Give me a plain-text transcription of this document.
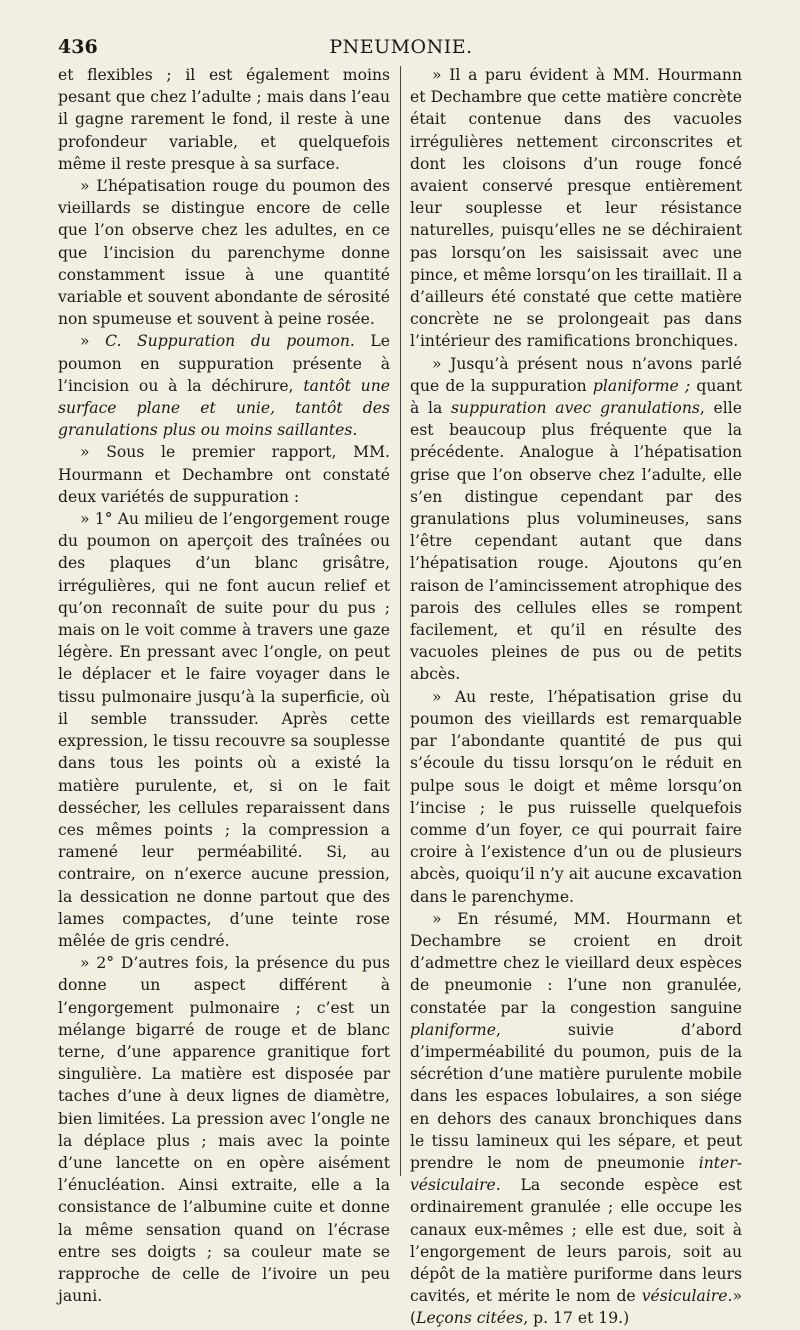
436	PNEUMONIE.

et flexibles ; il est également moins pesant que chez l’adulte ; mais dans l’eau il gagne rarement le fond, il reste à une profondeur variable, et quelquefois même il reste presque à sa surface.

» L’hépatisation rouge du poumon des vieillards se distingue encore de celle que l’on observe chez les adultes, en ce que l’incision du parenchyme donne constamment issue à une quantité variable et souvent abondante de sérosité non spumeuse et souvent à peine rosée.

» C. Suppuration du poumon. Le poumon en suppuration présente à l’incision ou à la déchirure, tantôt une surface plane et unie, tantôt des granulations plus ou moins saillantes.

» Sous le premier rapport, MM. Hourmann et Dechambre ont constaté deux variétés de suppuration :

» 1° Au milieu de l’engorgement rouge du poumon on aperçoit des traînées ou des plaques d’un blanc grisâtre, irrégulières, qui ne font aucun relief et qu’on reconnaît de suite pour du pus ; mais on le voit comme à travers une gaze légère. En pressant avec l’ongle, on peut le déplacer et le faire voyager dans le tissu pulmonaire jusqu’à la superficie, où il semble transsuder. Après cette expression, le tissu recouvre sa souplesse dans tous les points où a existé la matière purulente, et, si on le fait dessécher, les cellules reparaissent dans ces mêmes points ; la compression a ramené leur perméabilité. Si, au contraire, on n’exerce aucune pression, la dessication ne donne partout que des lames compactes, d’une teinte rose mêlée de gris cendré.

» 2° D’autres fois, la présence du pus donne un aspect différent à l’engorgement pulmonaire ; c’est un mélange bigarré de rouge et de blanc terne, d’une apparence granitique fort singulière. La matière est disposée par taches d’une à deux lignes de diamètre, bien limitées. La pression avec l’ongle ne la déplace plus ; mais avec la pointe d’une lancette on en opère aisément l’énucléation. Ainsi extraite, elle a la consistance de l’albumine cuite et donne la même sensation quand on l’écrase entre ses doigts ; sa couleur mate se rapproche de celle de l’ivoire un peu jauni.

» Il a paru évident à MM. Hourmann et Dechambre que cette matière concrète était contenue dans des vacuoles irrégulières nettement circonscrites et dont les cloisons d’un rouge foncé avaient conservé presque entièrement leur souplesse et leur résistance naturelles, puisqu’elles ne se déchiraient pas lorsqu’on les saisissait avec une pince, et même lorsqu’on les tiraillait. Il a d’ailleurs été constaté que cette matière concrète ne se prolongeait pas dans l’intérieur des ramifications bronchiques.

» Jusqu’à présent nous n’avons parlé que de la suppuration planiforme ; quant à la suppuration avec granulations, elle est beaucoup plus fréquente que la précédente. Analogue à l’hépatisation grise que l’on observe chez l’adulte, elle s’en distingue cependant par des granulations plus volumineuses, sans l’être cependant autant que dans l’hépatisation rouge. Ajoutons qu’en raison de l’amincissement atrophique des parois des cellules elles se rompent facilement, et qu’il en résulte des vacuoles pleines de pus ou de petits abcès.

» Au reste, l’hépatisation grise du poumon des vieillards est remarquable par l’abondante quantité de pus qui s’écoule du tissu lorsqu’on le réduit en pulpe sous le doigt et même lorsqu’on l’incise ; le pus ruisselle quelquefois comme d’un foyer, ce qui pourrait faire croire à l’existence d’un ou de plusieurs abcès, quoiqu’il n’y ait aucune excavation dans le parenchyme.

» En résumé, MM. Hourmann et Dechambre se croient en droit d’admettre chez le vieillard deux espèces de pneumonie : l’une non granulée, constatée par la congestion sanguine planiforme, suivie d’abord d’imperméabilité du poumon, puis de la sécrétion d’une matière purulente mobile dans les espaces lobulaires, a son siége en dehors des canaux bronchiques dans le tissu lamineux qui les sépare, et peut prendre le nom de pneumonie inter-vésiculaire. La seconde espèce est ordinairement granulée ; elle occupe les canaux eux-mêmes ; elle est due, soit à l’engorgement de leurs parois, soit au dépôt de la matière puriforme dans leurs cavités, et mérite le nom de vésiculaire.» (Leçons citées, p. 17 et 19.)
